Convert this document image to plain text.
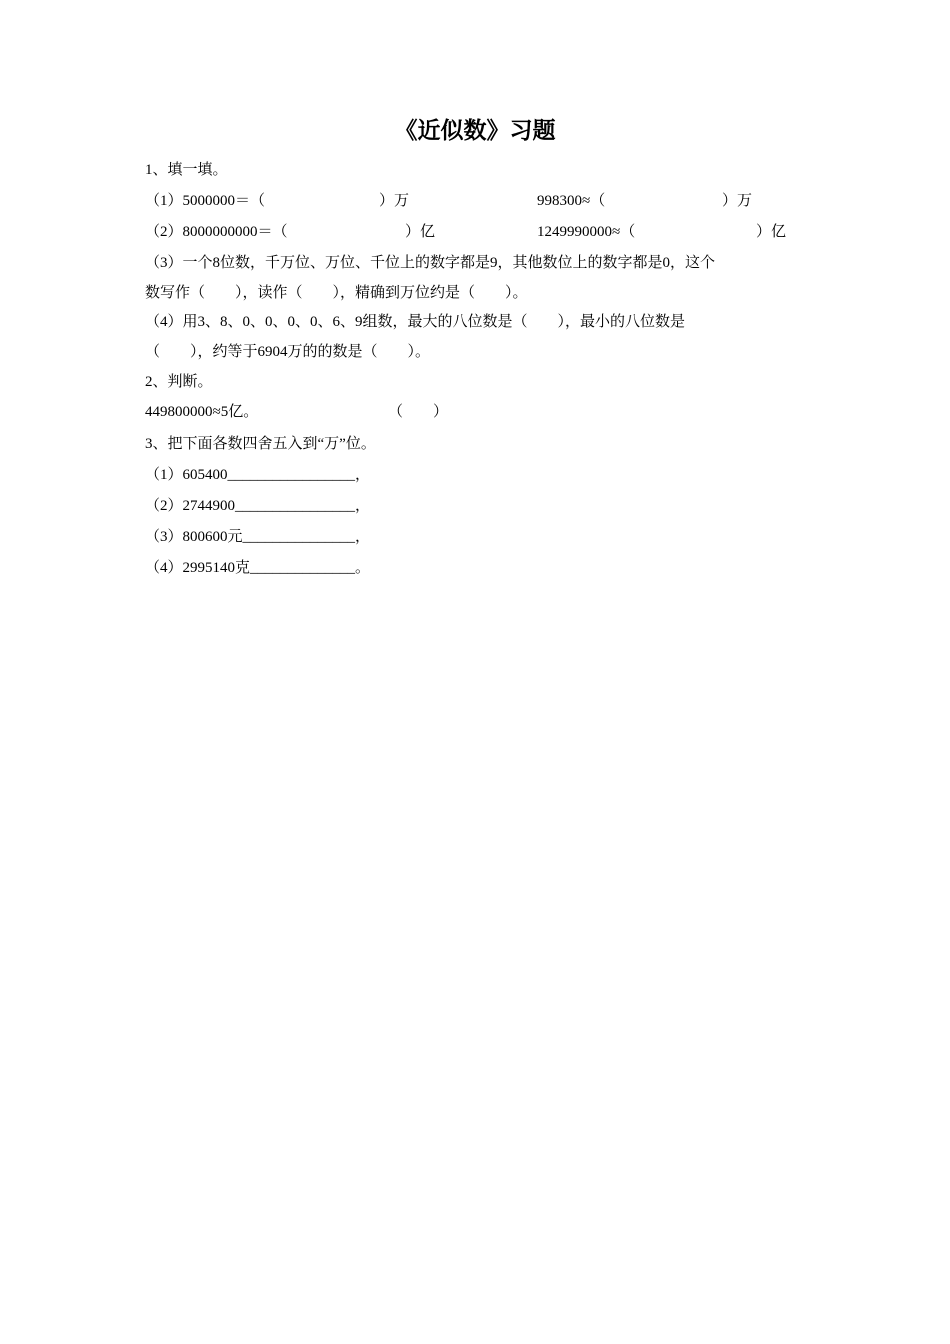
《近似数》习题
1、填一填。
（1）5000000＝（	）万	998300≈（	）万
（2）8000000000＝（	）亿	1249990000≈（	）亿
（3）一个8位数，千万位、万位、千位上的数字都是9，其他数位上的数字都是0，这个
数写作（　　），读作（　　），精确到万位约是（　　）。
（4）用3、8、0、0、0、0、6、9组数，最大的八位数是（　　），最小的八位数是
（　　），约等于6904万的的数是（　　）。
2、判断。
449800000≈5亿。	（　　）
3、把下面各数四舍五入到“万”位。
（1）605400_________________，
（2）2744900________________，
（3）800600元_______________，
（4）2995140克______________。
